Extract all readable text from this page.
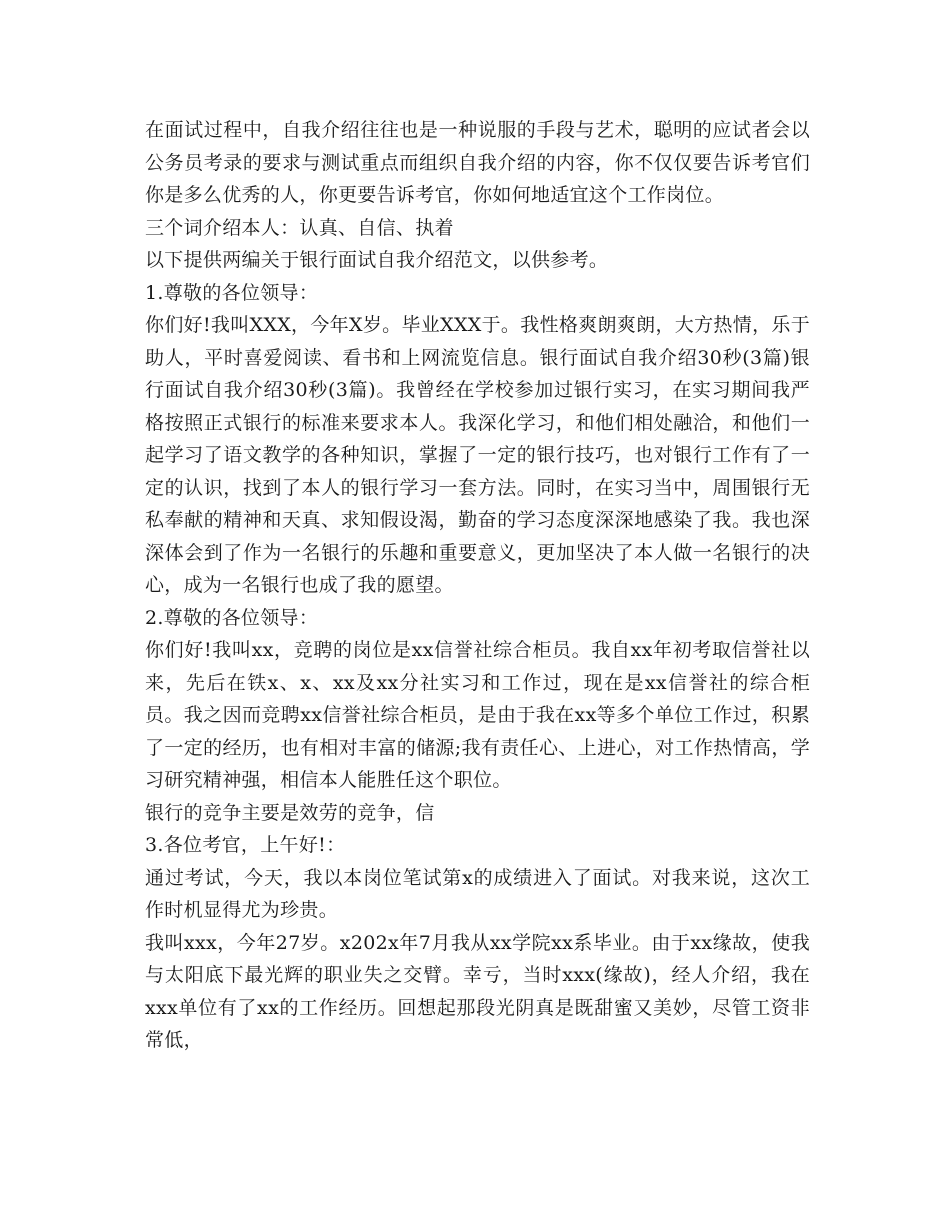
在面试过程中，自我介绍往往也是一种说服的手段与艺术，聪明的应试者会以公务员考录的要求与测试重点而组织自我介绍的内容，你不仅仅要告诉考官们你是多么优秀的人，你更要告诉考官，你如何地适宜这个工作岗位。

三个词介绍本人：认真、自信、执着

以下提供两编关于银行面试自我介绍范文，以供参考。

1.尊敬的各位领导：

你们好!我叫XXX，今年X岁。毕业XXX于。我性格爽朗爽朗，大方热情，乐于助人，平时喜爱阅读、看书和上网流览信息。银行面试自我介绍30秒(3篇)银行面试自我介绍30秒(3篇)。我曾经在学校参加过银行实习，在实习期间我严格按照正式银行的标准来要求本人。我深化学习，和他们相处融洽，和他们一起学习了语文教学的各种知识，掌握了一定的银行技巧，也对银行工作有了一定的认识，找到了本人的银行学习一套方法。同时，在实习当中，周围银行无私奉献的精神和天真、求知假设渴，勤奋的学习态度深深地感染了我。我也深深体会到了作为一名银行的乐趣和重要意义，更加坚决了本人做一名银行的决心，成为一名银行也成了我的愿望。

2.尊敬的各位领导：

你们好!我叫xx，竞聘的岗位是xx信誉社综合柜员。我自xx年初考取信誉社以来，先后在铁x、x、xx及xx分社实习和工作过，现在是xx信誉社的综合柜员。我之因而竞聘xx信誉社综合柜员，是由于我在xx等多个单位工作过，积累了一定的经历，也有相对丰富的储源;我有责任心、上进心，对工作热情高，学习研究精神强，相信本人能胜任这个职位。

银行的竞争主要是效劳的竞争，信

3.各位考官，上午好!：

通过考试，今天，我以本岗位笔试第x的成绩进入了面试。对我来说，这次工作时机显得尤为珍贵。

我叫xxx，今年27岁。x202x年7月我从xx学院xx系毕业。由于xx缘故，使我与太阳底下最光辉的职业失之交臂。幸亏，当时xxx(缘故)，经人介绍，我在xxx单位有了xx的工作经历。回想起那段光阴真是既甜蜜又美妙，尽管工资非常低，
